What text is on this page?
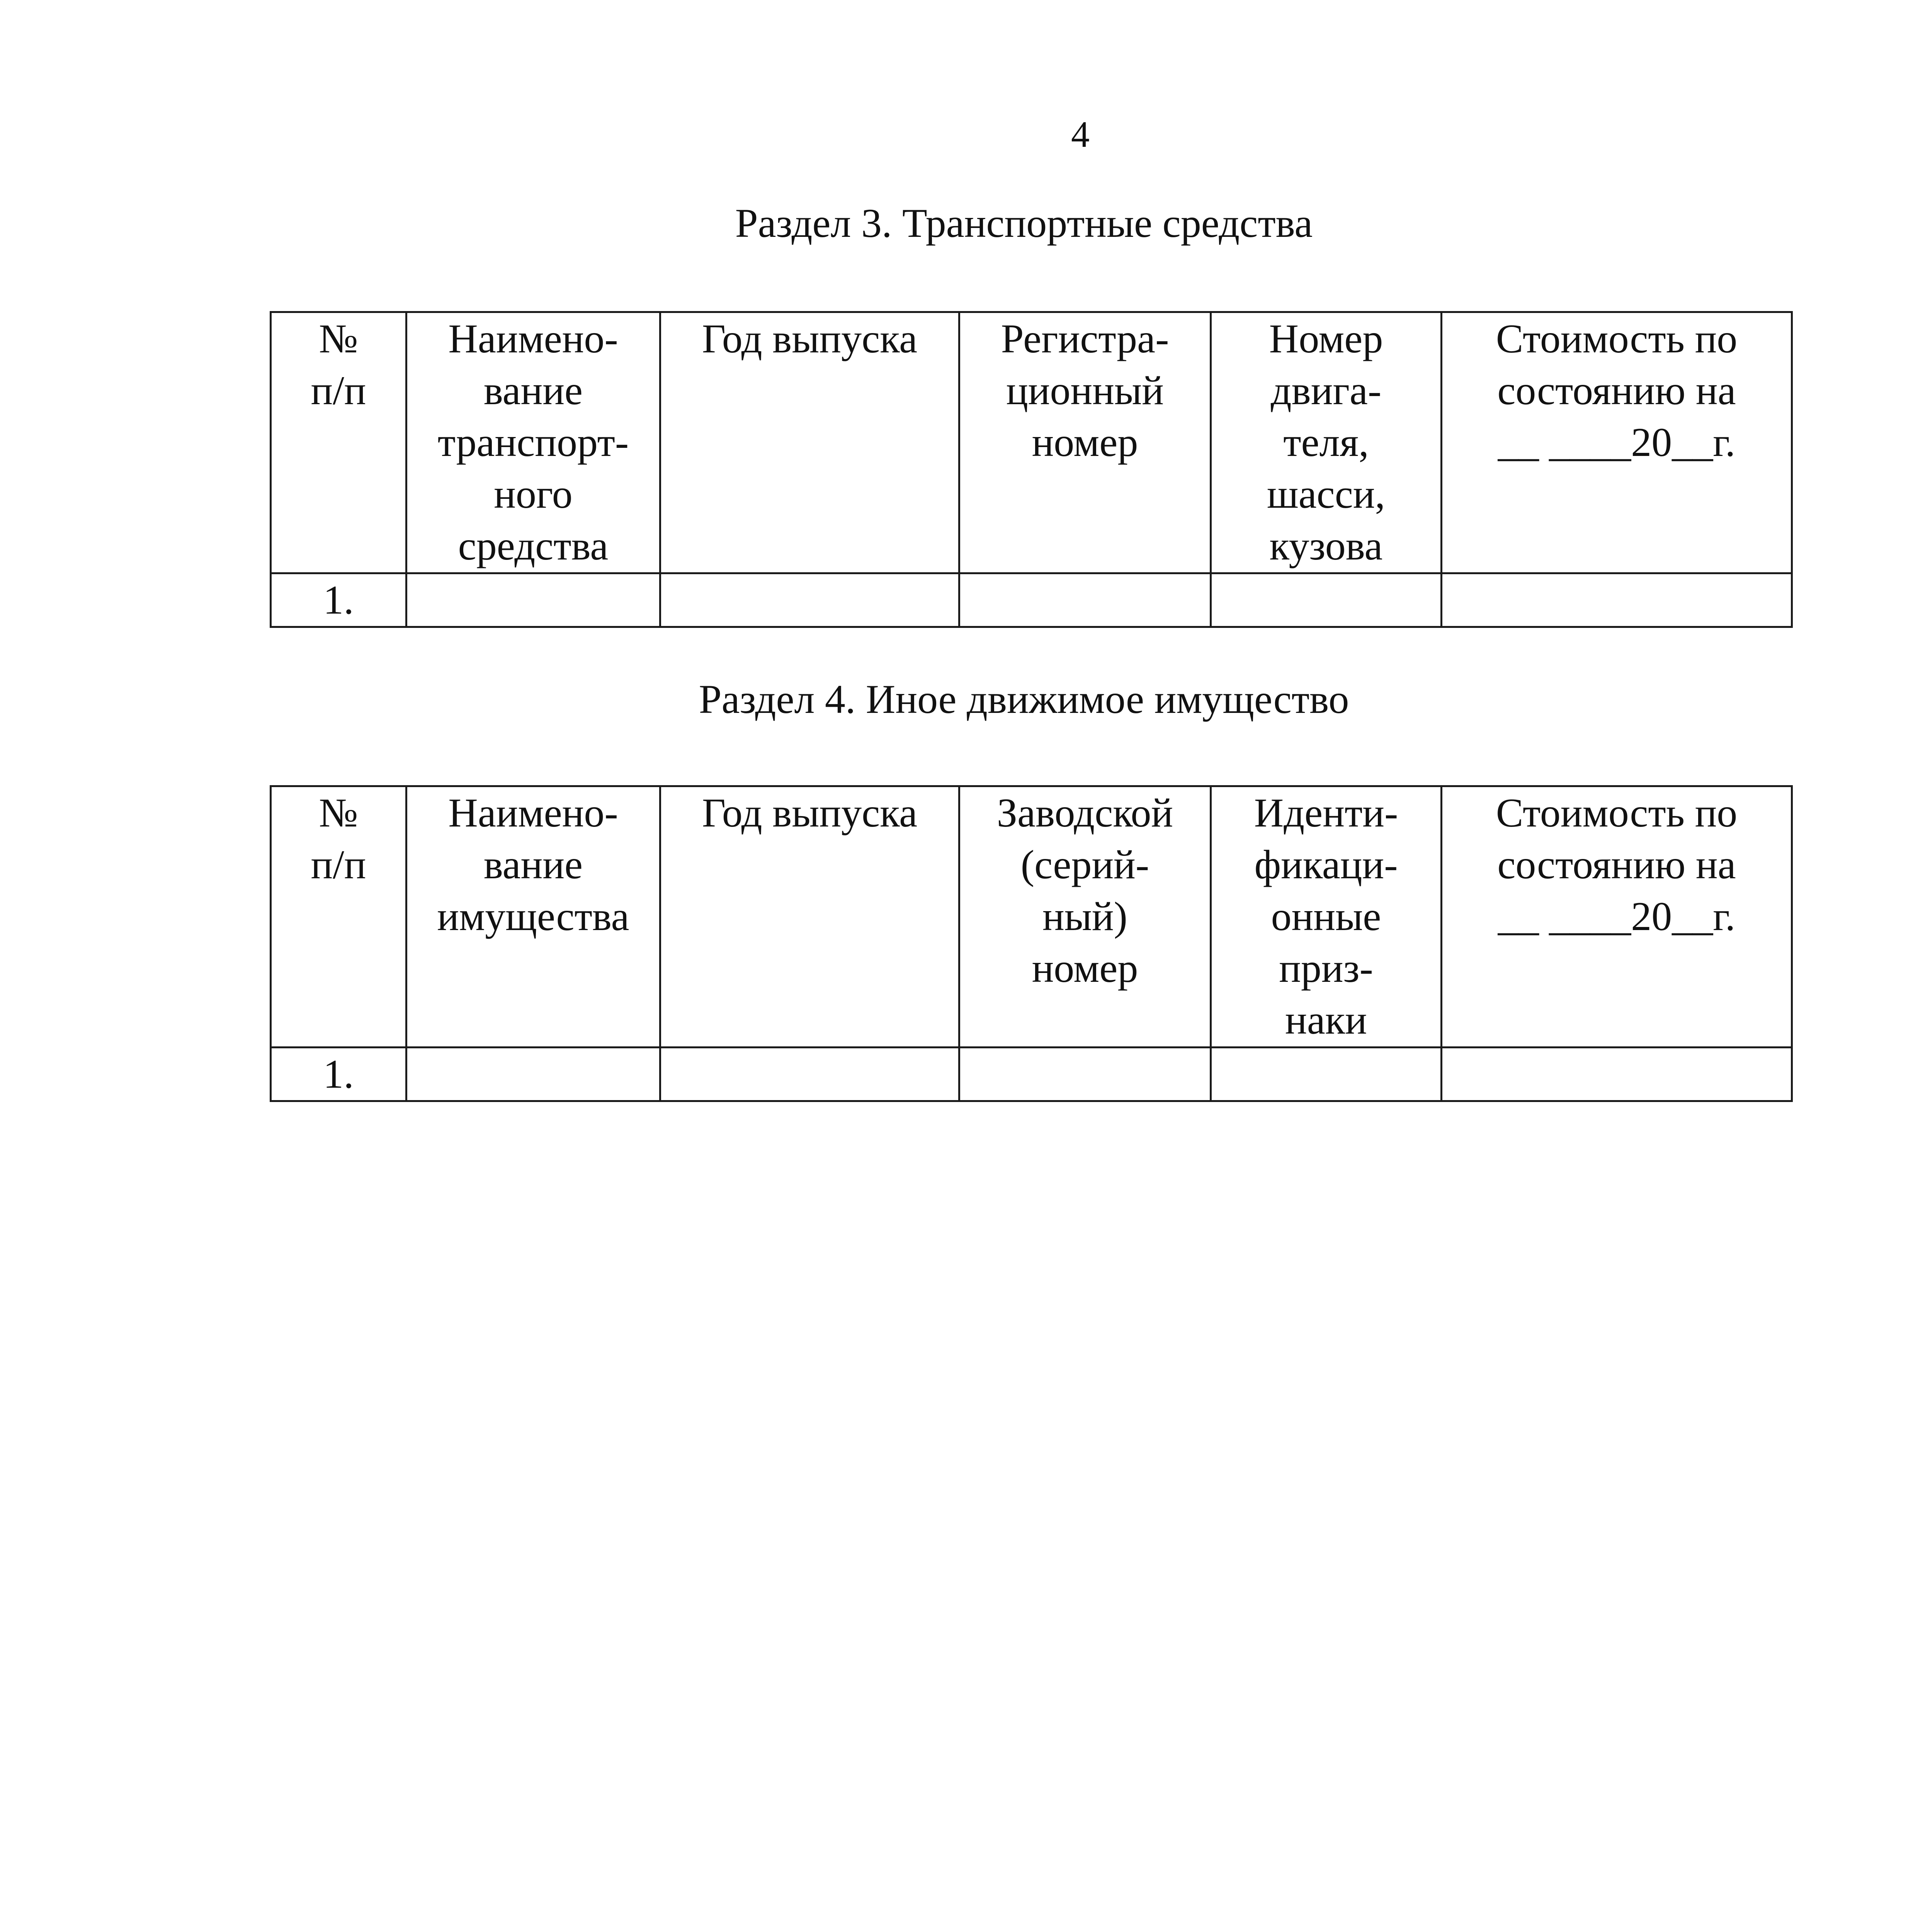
4
Раздел 3. Транспортные средства
№
п/п	Наимено-
вание
транспорт-
ного
средства	Год выпуска	Регистра-
ционный
номер	Номер
двига-
теля,
шасси,
кузова	Стоимость по
состоянию на
__ ____20__г.

1.					
Раздел 4. Иное движимое имущество
№
п/п	Наимено-
вание
имущества	Год выпуска	Заводской
(серий-
ный)
номер	Иденти-
фикаци-
онные
приз-
наки	Стоимость по
состоянию на
__ ____20__г.

1.					
